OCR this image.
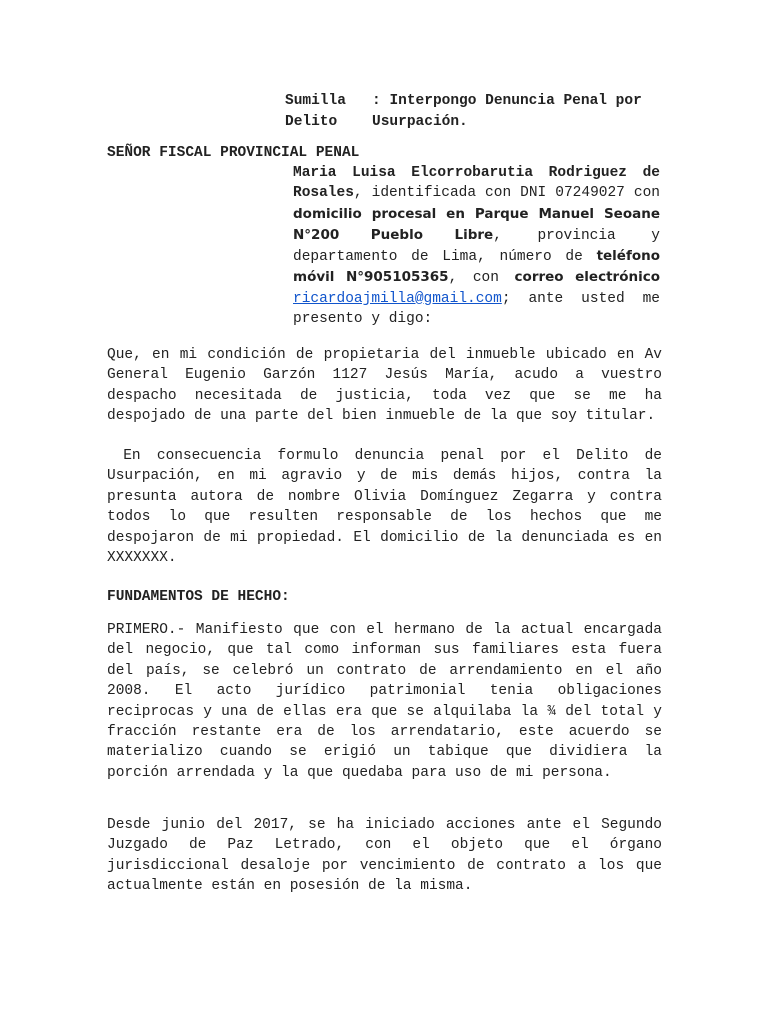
Sumilla : Interpongo Denuncia Penal por
Delito Usurpación.
SEÑOR FISCAL PROVINCIAL PENAL
Maria Luisa Elcorrobarutia Rodriguez de Rosales, identificada con DNI 07249027 con domicilio procesal en Parque Manuel Seoane N°200 Pueblo Libre, provincia y departamento de Lima, número de teléfono móvil N°905105365, con correo electrónico ricardoajmilla@gmail.com; ante usted me presento y digo:
Que, en mi condición de propietaria del inmueble ubicado en Av General Eugenio Garzón 1127 Jesús María, acudo a vuestro despacho necesitada de justicia, toda vez que se me ha despojado de una parte del bien inmueble de la que soy titular.
En consecuencia formulo denuncia penal por el Delito de Usurpación, en mi agravio y de mis demás hijos, contra la presunta autora de nombre Olivia Domínguez Zegarra y contra todos lo que resulten responsable de los hechos que me despojaron de mi propiedad. El domicilio de la denunciada es en XXXXXXX.
FUNDAMENTOS DE HECHO:
PRIMERO.- Manifiesto que con el hermano de la actual encargada del negocio, que tal como informan sus familiares esta fuera del país, se celebró un contrato de arrendamiento en el año 2008. El acto jurídico patrimonial tenia obligaciones reciprocas y una de ellas era que se alquilaba la ¾ del total y fracción restante era de los arrendatario, este acuerdo se materializo cuando se erigió un tabique que dividiera la porción arrendada y la que quedaba para uso de mi persona.
Desde junio del 2017, se ha iniciado acciones ante el Segundo Juzgado de Paz Letrado, con el objeto que el órgano jurisdiccional desaloje por vencimiento de contrato a los que actualmente están en posesión de la misma.
